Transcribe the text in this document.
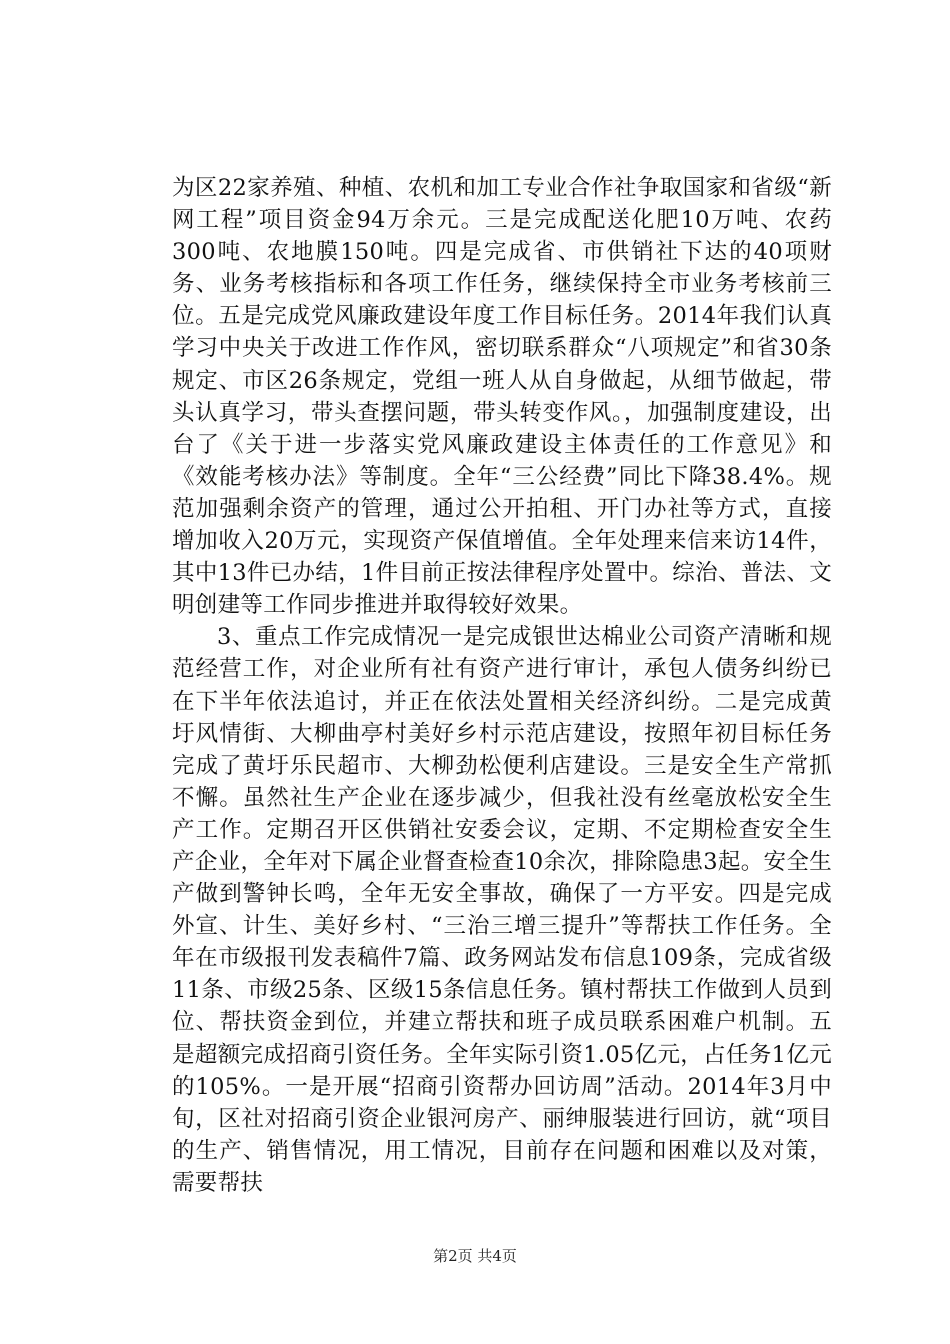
为区22家养殖、种植、农机和加工专业合作社争取国家和省级“新网工程”项目资金94万余元。三是完成配送化肥10万吨、农药300吨、农地膜150吨。四是完成省、市供销社下达的40项财务、业务考核指标和各项工作任务，继续保持全市业务考核前三位。五是完成党风廉政建设年度工作目标任务。2014年我们认真学习中央关于改进工作作风，密切联系群众“八项规定”和省30条规定、市区26条规定，党组一班人从自身做起，从细节做起，带头认真学习，带头查摆问题，带头转变作风。，加强制度建设，出台了《关于进一步落实党风廉政建设主体责任的工作意见》和《效能考核办法》等制度。全年“三公经费”同比下降38.4%。规范加强剩余资产的管理，通过公开拍租、开门办社等方式，直接增加收入20万元，实现资产保值增值。全年处理来信来访14件，其中13件已办结，1件目前正按法律程序处置中。综治、普法、文明创建等工作同步推进并取得较好效果。

3、重点工作完成情况一是完成银世达棉业公司资产清晰和规范经营工作，对企业所有社有资产进行审计，承包人债务纠纷已在下半年依法追讨，并正在依法处置相关经济纠纷。二是完成黄圩风情街、大柳曲亭村美好乡村示范店建设，按照年初目标任务完成了黄圩乐民超市、大柳劲松便利店建设。三是安全生产常抓不懈。虽然社生产企业在逐步减少，但我社没有丝毫放松安全生产工作。定期召开区供销社安委会议，定期、不定期检查安全生产企业，全年对下属企业督查检查10余次，排除隐患3起。安全生产做到警钟长鸣，全年无安全事故，确保了一方平安。四是完成外宣、计生、美好乡村、“三治三增三提升”等帮扶工作任务。全年在市级报刊发表稿件7篇、政务网站发布信息109条，完成省级11条、市级25条、区级15条信息任务。镇村帮扶工作做到人员到位、帮扶资金到位，并建立帮扶和班子成员联系困难户机制。五是超额完成招商引资任务。全年实际引资1.05亿元，占任务1亿元的105%。一是开展“招商引资帮办回访周”活动。2014年3月中旬，区社对招商引资企业银河房产、丽绅服装进行回访，就“项目的生产、销售情况，用工情况，目前存在问题和困难以及对策，需要帮扶

第2页 共4页
